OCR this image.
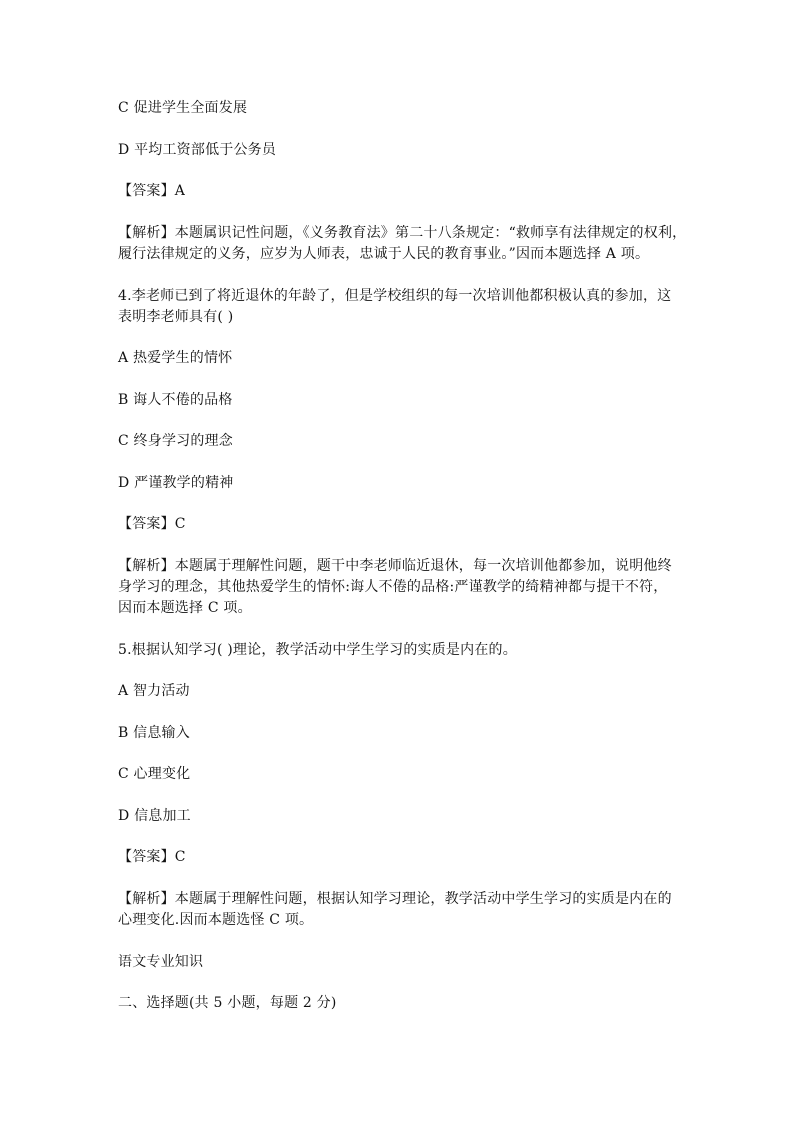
C 促进学生全面发展
D 平均工资部低于公务员
【答案】A
【解析】本题属识记性问题，《义务教育法》第二十八条规定：“救师享有法律规定的权利，
履行法律规定的义务，应岁为人师表，忠诚于人民的教育事业。”因而本题选择 A 项。
4.李老师已到了将近退休的年龄了，但是学校组织的每一次培训他都积极认真的参加，这
表明李老师具有( )
A 热爱学生的情怀
B 诲人不倦的品格
C 终身学习的理念
D 严谨教学的精神
【答案】C
【解析】本题属于理解性问题，题干中李老师临近退休，每一次培训他都参加，说明他终
身学习的理念，其他热爱学生的情怀:诲人不倦的品格:严谨教学的绮精神都与提干不符，
因而本题选择 C 项。
5.根据认知学习( )理论，教学活动中学生学习的实质是内在的。
A 智力活动
B 信息输入
C 心理变化
D 信息加工
【答案】C
【解析】本题属于理解性问题，根据认知学习理论，教学活动中学生学习的实质是内在的
心理变化.因而本题选怪 C 项。
语文专业知识
二、选择题(共 5 小题，每题 2 分)
